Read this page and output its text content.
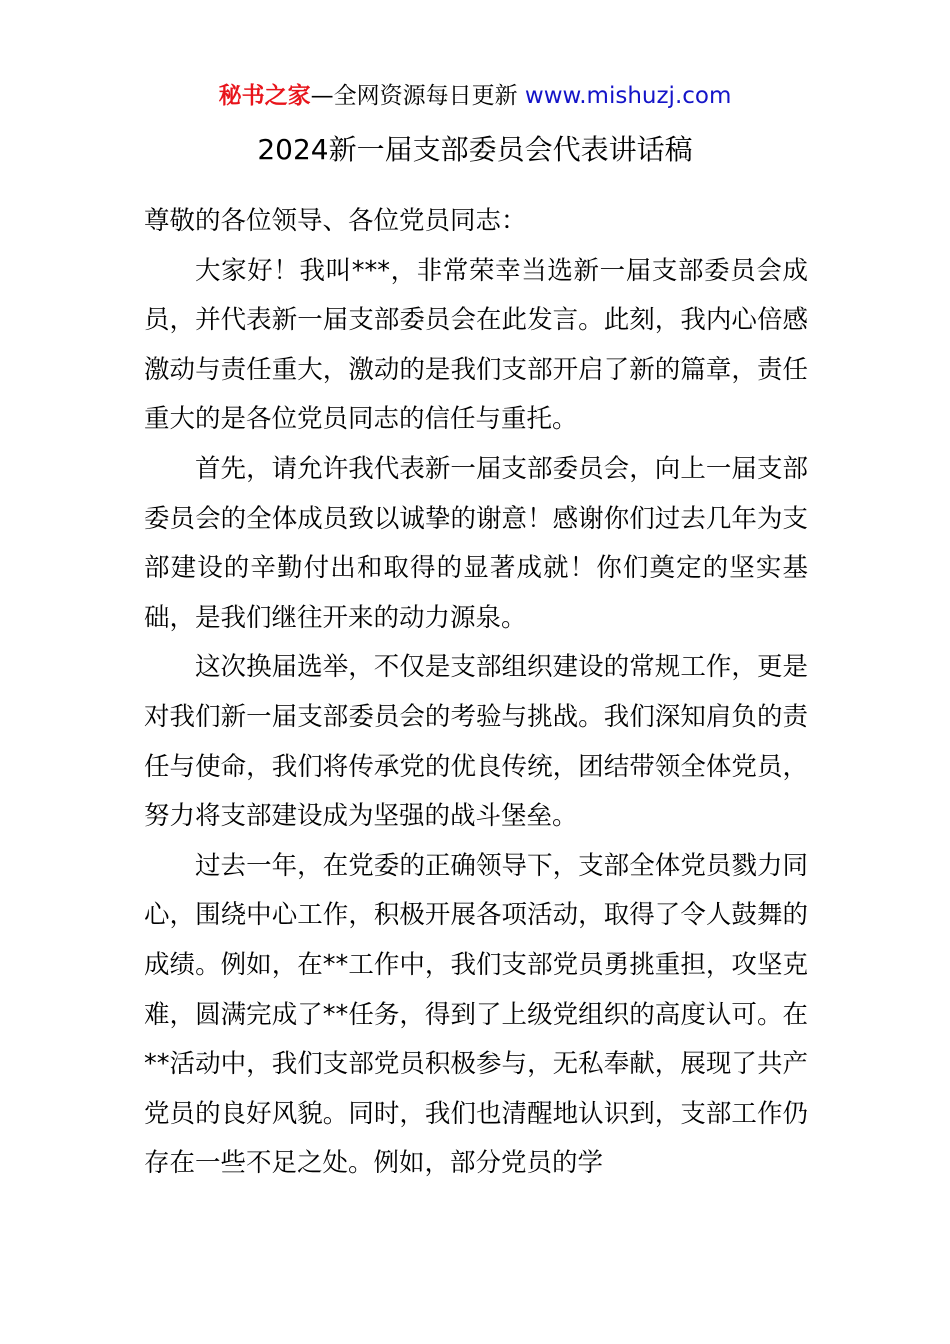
秘书之家—全网资源每日更新 www.mishuzj.com
2024新一届支部委员会代表讲话稿

尊敬的各位领导、各位党员同志：

大家好！我叫***，非常荣幸当选新一届支部委员会成员，并代表新一届支部委员会在此发言。此刻，我内心倍感激动与责任重大，激动的是我们支部开启了新的篇章，责任重大的是各位党员同志的信任与重托。

首先，请允许我代表新一届支部委员会，向上一届支部委员会的全体成员致以诚挚的谢意！感谢你们过去几年为支部建设的辛勤付出和取得的显著成就！你们奠定的坚实基础，是我们继往开来的动力源泉。

这次换届选举，不仅是支部组织建设的常规工作，更是对我们新一届支部委员会的考验与挑战。我们深知肩负的责任与使命，我们将传承党的优良传统，团结带领全体党员，努力将支部建设成为坚强的战斗堡垒。

过去一年，在党委的正确领导下，支部全体党员戮力同心，围绕中心工作，积极开展各项活动，取得了令人鼓舞的成绩。例如，在**工作中，我们支部党员勇挑重担，攻坚克难，圆满完成了**任务，得到了上级党组织的高度认可。在**活动中，我们支部党员积极参与，无私奉献，展现了共产党员的良好风貌。同时，我们也清醒地认识到，支部工作仍存在一些不足之处。例如，部分党员的学
